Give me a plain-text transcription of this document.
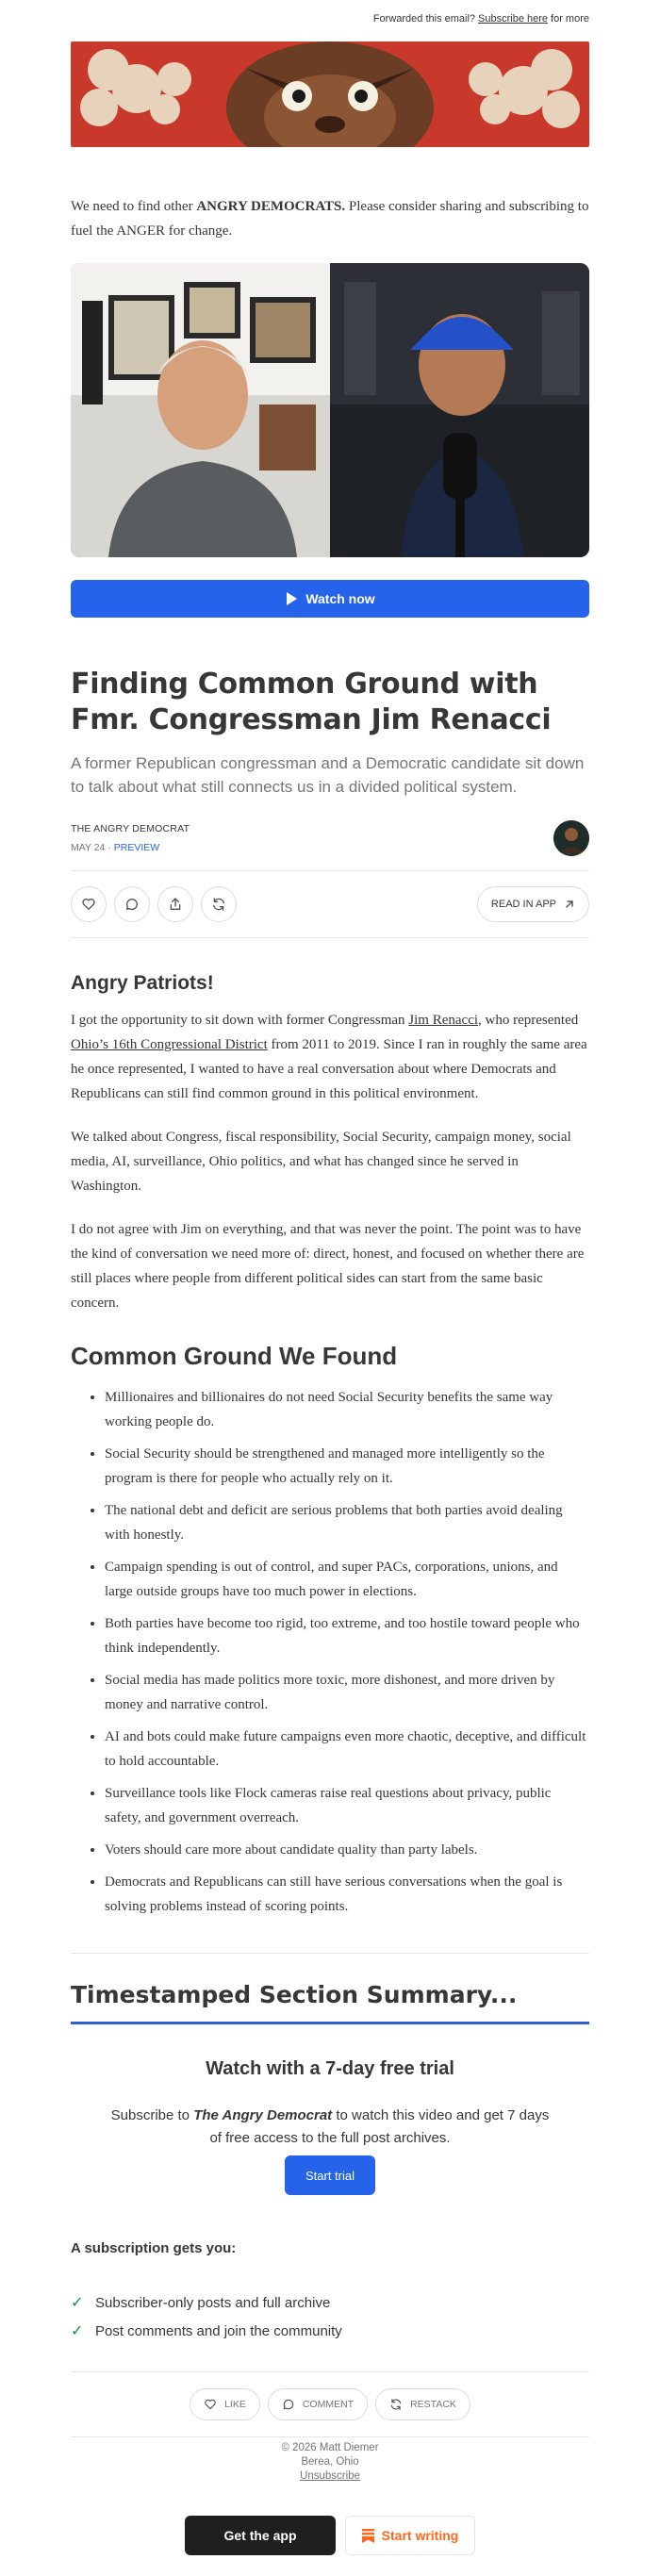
Forwarded this email? Subscribe here for more

We need to find other ANGRY DEMOCRATS. Please consider sharing and subscribing to fuel the ANGER for change.

Watch now
Finding Common Ground with Fmr. Congressman Jim Renacci

A former Republican congressman and a Democratic candidate sit down to talk about what still connects us in a divided political system.

THE ANGRY DEMOCRAT
MAY 24 · PREVIEW
READ IN APP
Angry Patriots!

I got the opportunity to sit down with former Congressman Jim Renacci, who represented Ohio’s 16th Congressional District from 2011 to 2019. Since I ran in roughly the same area he once represented, I wanted to have a real conversation about where Democrats and Republicans can still find common ground in this political environment.

We talked about Congress, fiscal responsibility, Social Security, campaign money, social media, AI, surveillance, Ohio politics, and what has changed since he served in Washington.

I do not agree with Jim on everything, and that was never the point. The point was to have the kind of conversation we need more of: direct, honest, and focused on whether there are still places where people from different political sides can start from the same basic concern.

Common Ground We Found
• Millionaires and billionaires do not need Social Security benefits the same way working people do.
• Social Security should be strengthened and managed more intelligently so the program is there for people who actually rely on it.
• The national debt and deficit are serious problems that both parties avoid dealing with honestly.
• Campaign spending is out of control, and super PACs, corporations, unions, and large outside groups have too much power in elections.
• Both parties have become too rigid, too extreme, and too hostile toward people who think independently.
• Social media has made politics more toxic, more dishonest, and more driven by money and narrative control.
• AI and bots could make future campaigns even more chaotic, deceptive, and difficult to hold accountable.
• Surveillance tools like Flock cameras raise real questions about privacy, public safety, and government overreach.
• Voters should care more about candidate quality than party labels.
• Democrats and Republicans can still have serious conversations when the goal is solving problems instead of scoring points.
Timestamped Section Summary...
Watch with a 7-day free trial

Subscribe to The Angry Democrat to watch this video and get 7 days of free access to the full post archives.

Start trial
A subscription gets you:
✓ Subscriber-only posts and full archive
✓ Post comments and join the community
LIKE	COMMENT	RESTACK
© 2026 Matt Diemer
Berea, Ohio
Unsubscribe
Get the app	Start writing
